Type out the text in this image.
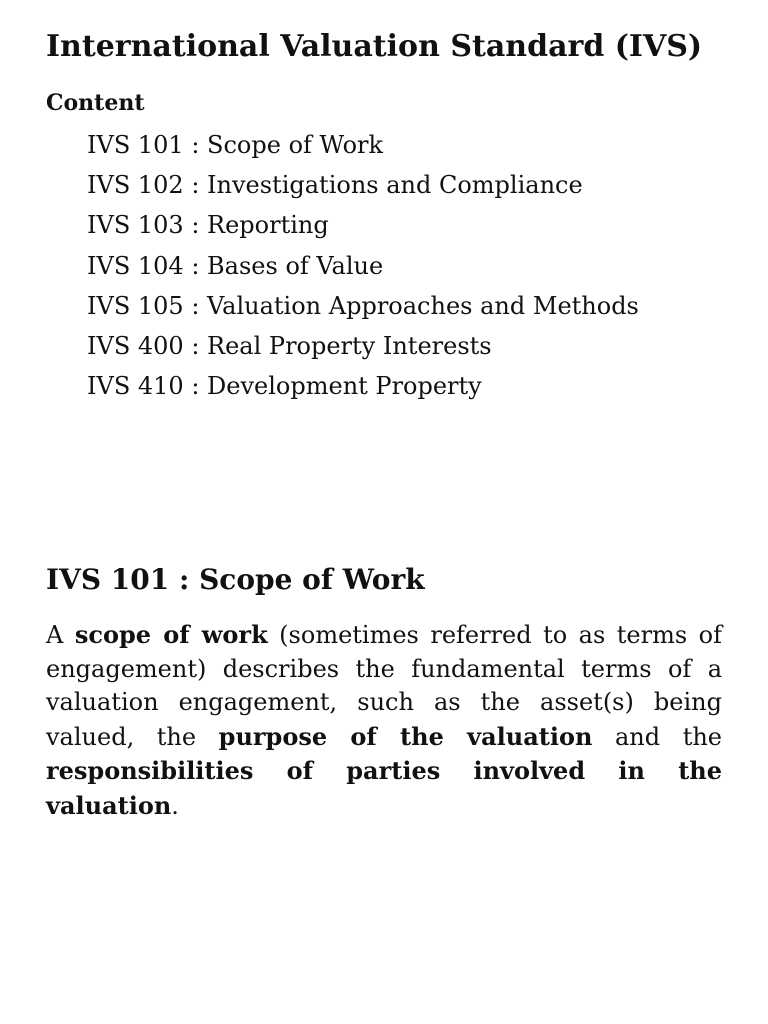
International Valuation Standard (IVS)
Content
IVS 101 : Scope of Work
IVS 102 : Investigations and Compliance
IVS 103 : Reporting
IVS 104 : Bases of Value
IVS 105 : Valuation Approaches and Methods
IVS 400 : Real Property Interests
IVS 410 : Development Property
IVS 101 : Scope of Work

A scope of work (sometimes referred to as terms of engagement) describes the fundamental terms of a valuation engagement, such as the asset(s) being valued, the purpose of the valuation and the responsibilities of parties involved in the valuation.
